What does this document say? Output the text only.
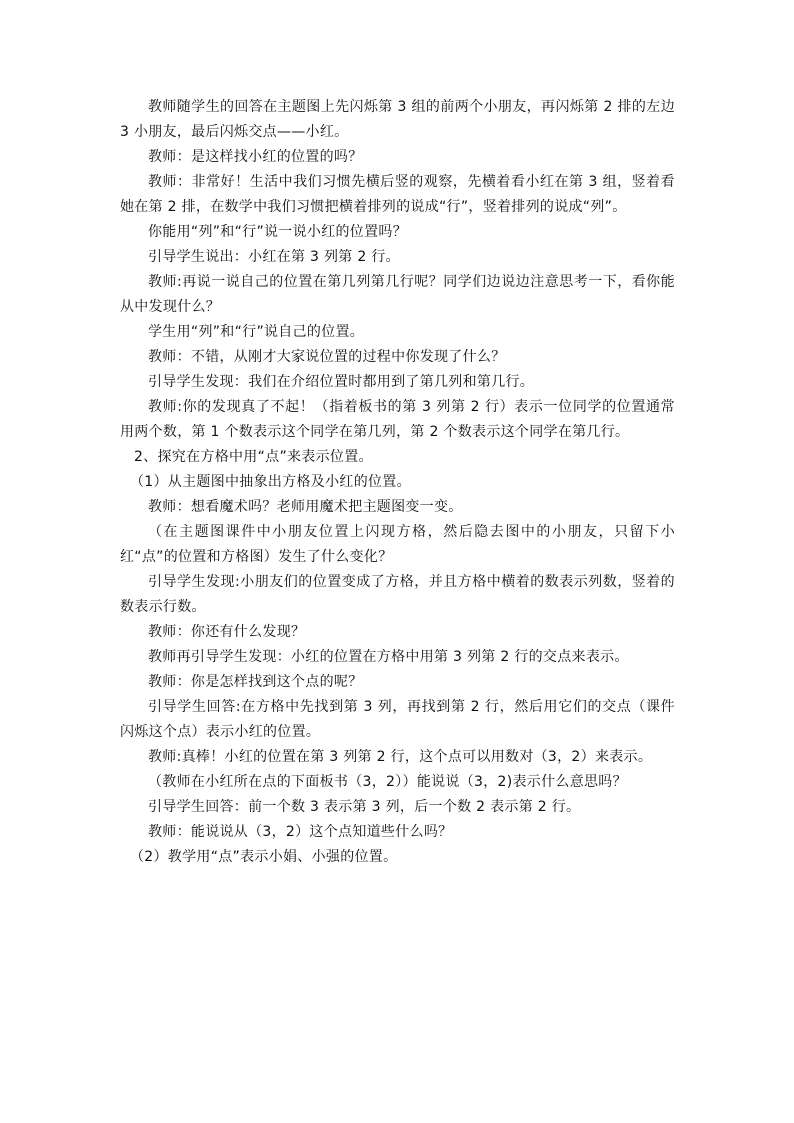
教师随学生的回答在主题图上先闪烁第 3 组的前两个小朋友，再闪烁第 2 排的左边 3 小朋友，最后闪烁交点——小红。

教师：是这样找小红的位置的吗？

教师：非常好！生活中我们习惯先横后竖的观察，先横着看小红在第 3 组，竖着看她在第 2 排，在数学中我们习惯把横着排列的说成“行”，竖着排列的说成“列”。

你能用“列”和“行”说一说小红的位置吗？

引导学生说出：小红在第 3 列第 2 行。

教师:再说一说自己的位置在第几列第几行呢？同学们边说边注意思考一下，看你能从中发现什么？

学生用“列”和“行”说自己的位置。

教师：不错，从刚才大家说位置的过程中你发现了什么？

引导学生发现：我们在介绍位置时都用到了第几列和第几行。

教师:你的发现真了不起！（指着板书的第 3 列第 2 行）表示一位同学的位置通常用两个数，第 1 个数表示这个同学在第几列，第 2 个数表示这个同学在第几行。

2、探究在方格中用“点”来表示位置。

（1）从主题图中抽象出方格及小红的位置。

教师：想看魔术吗？老师用魔术把主题图变一变。

（在主题图课件中小朋友位置上闪现方格，然后隐去图中的小朋友，只留下小红“点”的位置和方格图）发生了什么变化？

引导学生发现:小朋友们的位置变成了方格，并且方格中横着的数表示列数，竖着的数表示行数。

教师：你还有什么发现？

教师再引导学生发现：小红的位置在方格中用第 3 列第 2 行的交点来表示。

教师：你是怎样找到这个点的呢？

引导学生回答:在方格中先找到第 3 列，再找到第 2 行，然后用它们的交点（课件闪烁这个点）表示小红的位置。

教师:真棒！小红的位置在第 3 列第 2 行，这个点可以用数对（3，2）来表示。

（教师在小红所在点的下面板书（3，2））能说说（3，2)表示什么意思吗？

引导学生回答：前一个数 3 表示第 3 列，后一个数 2 表示第 2 行。

教师：能说说从（3，2）这个点知道些什么吗？

（2）教学用“点”表示小娟、小强的位置。
